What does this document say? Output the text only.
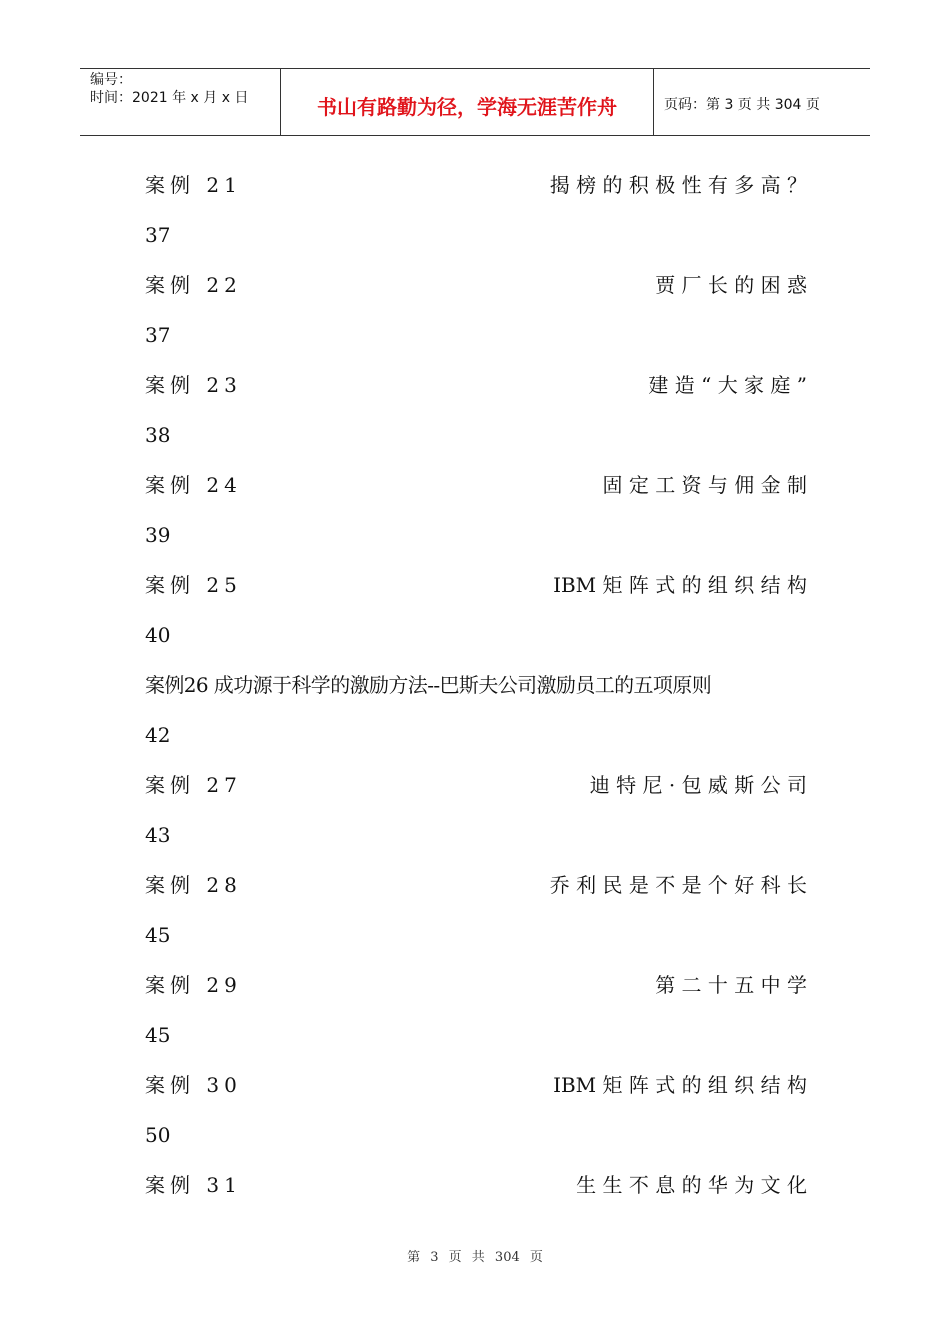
编号：
时间：2021 年 x 月 x 日	书山有路勤为径，学海无涯苦作舟	页码：第 3 页 共 304 页
案例 21	揭 榜 的 积 极 性 有 多 高 ？
37
案例 22	贾 厂 长 的 困 惑
37
案例 23	建 造 “ 大 家 庭 ”
38
案例 24	固 定 工 资 与 佣 金 制
39
案例 25	IBM 矩 阵 式 的 组 织 结 构
40
案例26 成功源于科学的激励方法--巴斯夫公司激励员工的五项原则
42
案例 27	迪 特 尼 · 包 威 斯 公 司
43
案例 28	乔 利 民 是 不 是 个 好 科 长
45
案例 29	第 二 十 五 中 学
45
案例 30	IBM 矩 阵 式 的 组 织 结 构
50
案例 31	生 生 不 息 的 华 为 文 化
第 3 页 共 304 页
